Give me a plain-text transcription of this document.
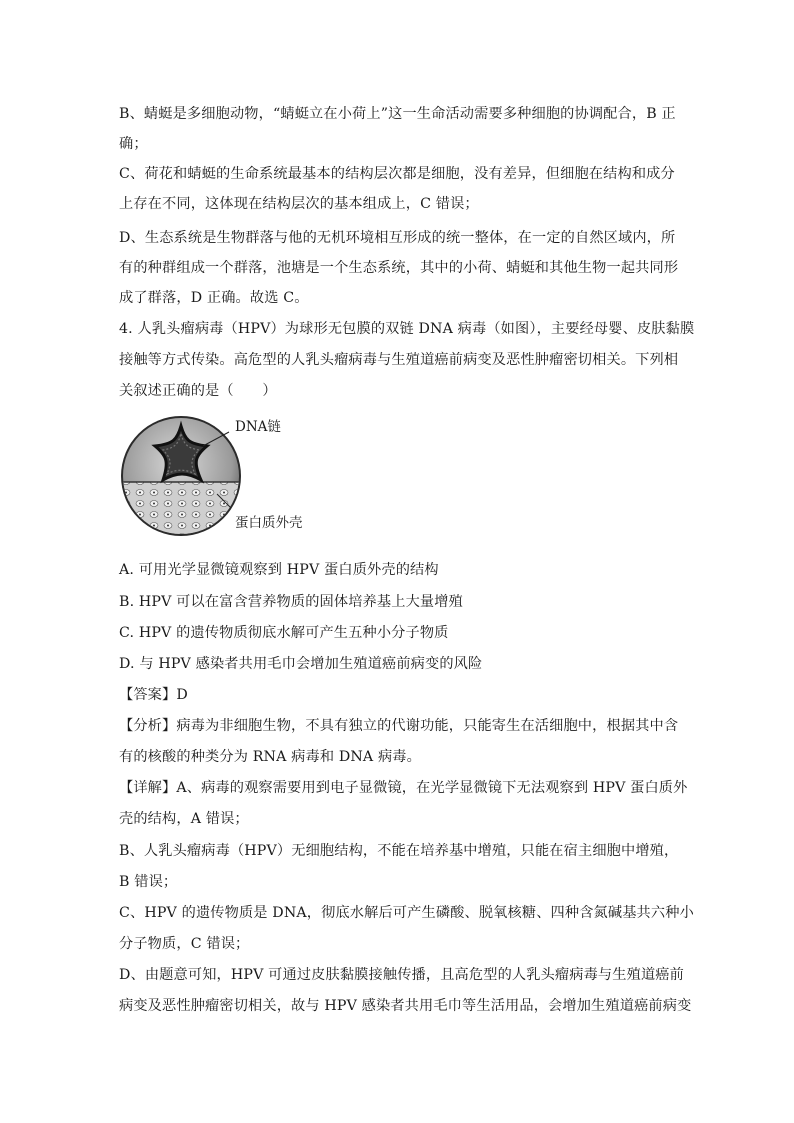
B、蜻蜓是多细胞动物，“蜻蜓立在小荷上”这一生命活动需要多种细胞的协调配合，B 正
确；
C、荷花和蜻蜓的生命系统最基本的结构层次都是细胞，没有差异，但细胞在结构和成分
上存在不同，这体现在结构层次的基本组成上，C 错误；
D、生态系统是生物群落与他的无机环境相互形成的统一整体，在一定的自然区域内，所
有的种群组成一个群落，池塘是一个生态系统，其中的小荷、蜻蜓和其他生物一起共同形
成了群落，D 正确。故选 C。
4. 人乳头瘤病毒（HPV）为球形无包膜的双链 DNA 病毒（如图），主要经母婴、皮肤黏膜
接触等方式传染。高危型的人乳头瘤病毒与生殖道癌前病变及恶性肿瘤密切相关。下列相
关叙述正确的是（　　）
DNA链
蛋白质外壳
A. 可用光学显微镜观察到 HPV 蛋白质外壳的结构
B. HPV 可以在富含营养物质的固体培养基上大量增殖
C. HPV 的遗传物质彻底水解可产生五种小分子物质
D. 与 HPV 感染者共用毛巾会增加生殖道癌前病变的风险
【答案】D
【分析】病毒为非细胞生物，不具有独立的代谢功能，只能寄生在活细胞中，根据其中含
有的核酸的种类分为 RNA 病毒和 DNA 病毒。
【详解】A、病毒的观察需要用到电子显微镜，在光学显微镜下无法观察到 HPV 蛋白质外
壳的结构，A 错误；
B、人乳头瘤病毒（HPV）无细胞结构，不能在培养基中增殖，只能在宿主细胞中增殖，
B 错误；
C、HPV 的遗传物质是 DNA，彻底水解后可产生磷酸、脱氧核糖、四种含氮碱基共六种小
分子物质，C 错误；
D、由题意可知，HPV 可通过皮肤黏膜接触传播，且高危型的人乳头瘤病毒与生殖道癌前
病变及恶性肿瘤密切相关，故与 HPV 感染者共用毛巾等生活用品，会增加生殖道癌前病变
